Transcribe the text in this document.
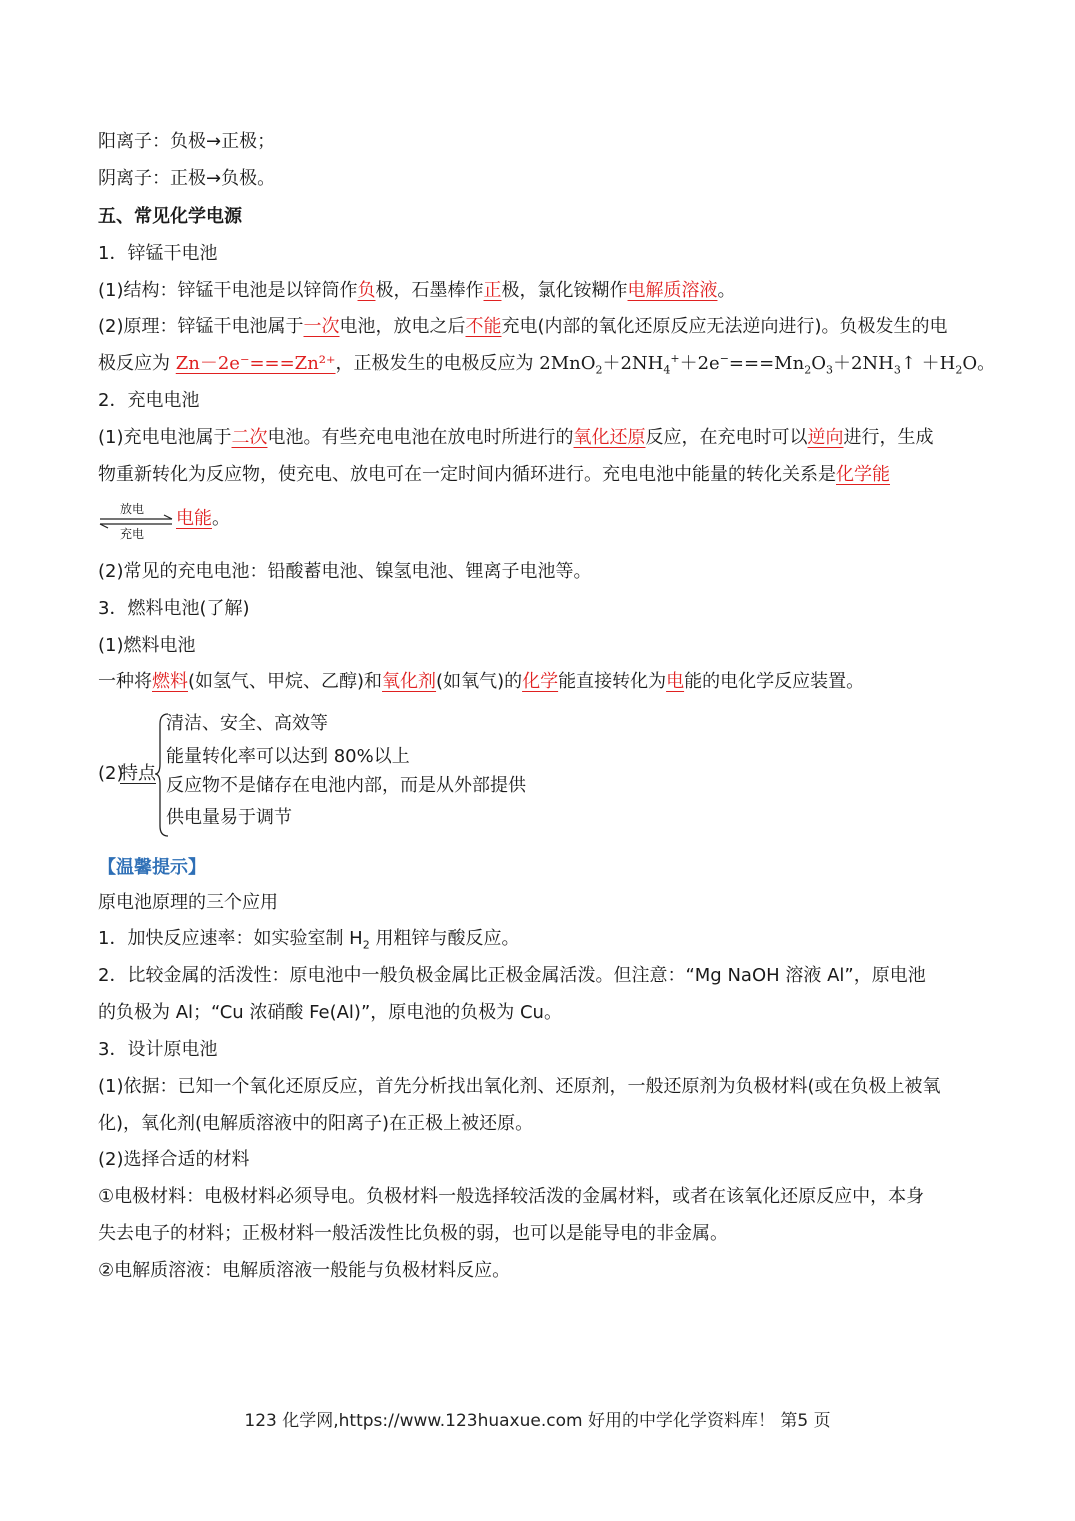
阳离子：负极→正极；
阴离子：正极→负极。
五、常见化学电源
1．锌锰干电池
(1)结构：锌锰干电池是以锌筒作负极，石墨棒作正极，氯化铵糊作电解质溶液。
(2)原理：锌锰干电池属于一次电池，放电之后不能充电(内部的氧化还原反应无法逆向进行)。负极发生的电
极反应为 Zn－2e⁻===Zn²⁺，正极发生的电极反应为 $2MnO_2+2NH_4^++2e^-===Mn_2O_3+2NH_3↑ +H_2O$。
2．充电电池
(1)充电电池属于二次电池。有些充电电池在放电时所进行的氧化还原反应，在充电时可以逆向进行，生成
物重新转化为反应物，使充电、放电可在一定时间内循环进行。充电电池中能量的转化关系是化学能
放电
充电
电能。
(2)常见的充电电池：铅酸蓄电池、镍氢电池、锂离子电池等。
3．燃料电池(了解)
(1)燃料电池
一种将燃料(如氢气、甲烷、乙醇)和氧化剂(如氧气)的化学能直接转化为电能的电化学反应装置。
(2)
特点
清洁、安全、高效等
能量转化率可以达到 80%以上
反应物不是储存在电池内部，而是从外部提供
供电量易于调节
【温馨提示】
原电池原理的三个应用
1．加快反应速率：如实验室制 $H_2$ 用粗锌与酸反应。
2．比较金属的活泼性：原电池中一般负极金属比正极金属活泼。但注意：“Mg NaOH 溶液 Al”，原电池
的负极为 Al；“Cu 浓硝酸 Fe(Al)”，原电池的负极为 Cu。
3．设计原电池
(1)依据：已知一个氧化还原反应，首先分析找出氧化剂、还原剂，一般还原剂为负极材料(或在负极上被氧
化)，氧化剂(电解质溶液中的阳离子)在正极上被还原。
(2)选择合适的材料
①电极材料：电极材料必须导电。负极材料一般选择较活泼的金属材料，或者在该氧化还原反应中，本身
失去电子的材料；正极材料一般活泼性比负极的弱，也可以是能导电的非金属。
②电解质溶液：电解质溶液一般能与负极材料反应。
123 化学网,https://www.123huaxue.com 好用的中学化学资料库！ 第5 页
